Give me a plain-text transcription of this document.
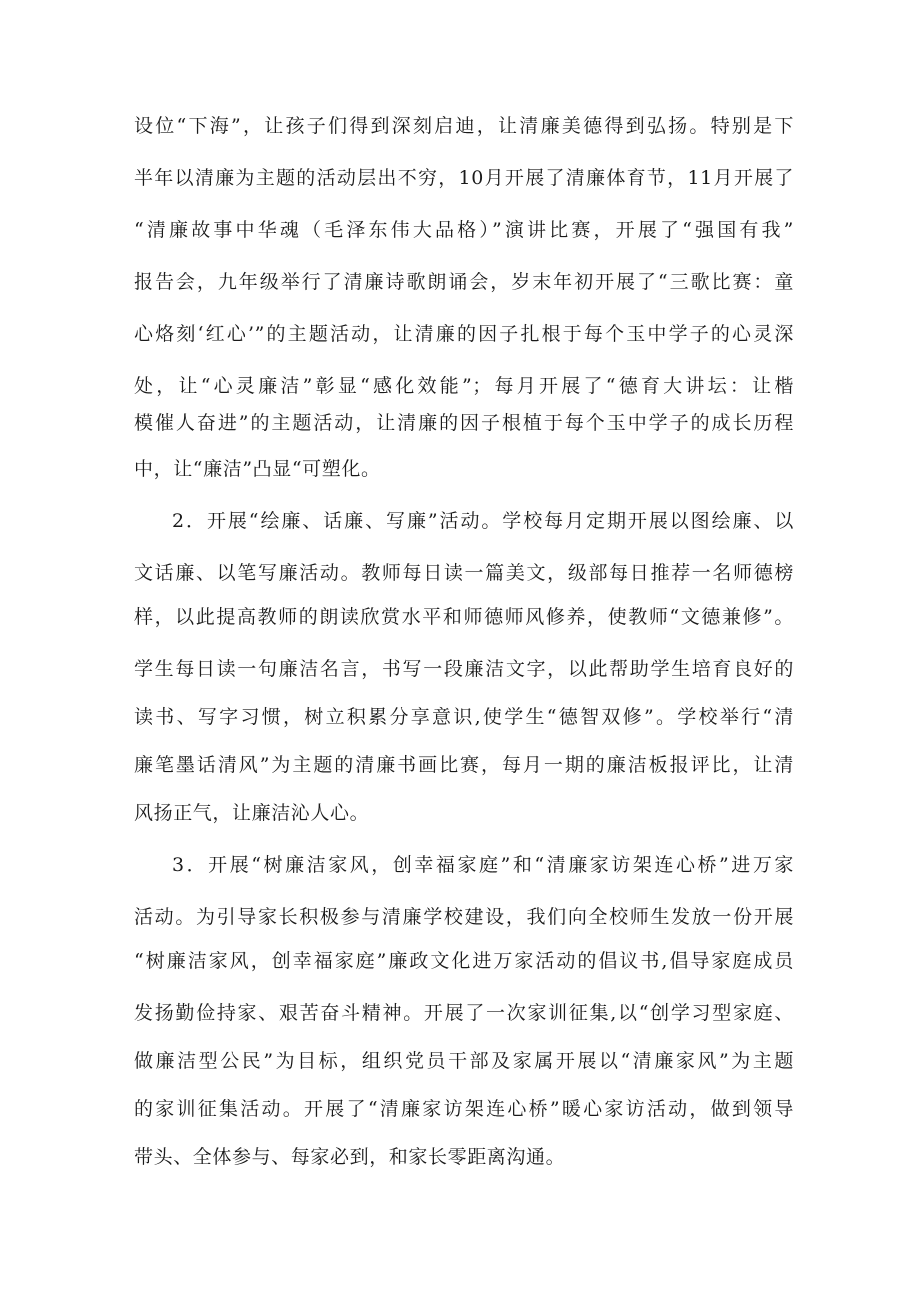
设位“下海”，让孩子们得到深刻启迪，让清廉美德得到弘扬。特别是下
半年以清廉为主题的活动层出不穷，10月开展了清廉体育节，11月开展了
“清廉故事中华魂（毛泽东伟大品格）”演讲比赛，开展了“强国有我”
报告会，九年级举行了清廉诗歌朗诵会，岁末年初开展了“三歌比赛：童
心烙刻‘红心’”的主题活动，让清廉的因子扎根于每个玉中学子的心灵深
处，让“心灵廉洁”彰显“感化效能”；每月开展了“德育大讲坛：让楷
模催人奋进”的主题活动，让清廉的因子根植于每个玉中学子的成长历程
中，让“廉洁”凸显“可塑化。
2．开展“绘廉、话廉、写廉”活动。学校每月定期开展以图绘廉、以
文话廉、以笔写廉活动。教师每日读一篇美文，级部每日推荐一名师德榜
样，以此提高教师的朗读欣赏水平和师德师风修养，使教师“文德兼修”。
学生每日读一句廉洁名言，书写一段廉洁文字，以此帮助学生培育良好的
读书、写字习惯，树立积累分享意识,使学生“德智双修”。学校举行“清
廉笔墨话清风”为主题的清廉书画比赛，每月一期的廉洁板报评比，让清
风扬正气，让廉洁沁人心。
3．开展“树廉洁家风，创幸福家庭”和“清廉家访架连心桥”进万家
活动。为引导家长积极参与清廉学校建设，我们向全校师生发放一份开展
“树廉洁家风，创幸福家庭”廉政文化进万家活动的倡议书,倡导家庭成员
发扬勤俭持家、艰苦奋斗精神。开展了一次家训征集,以“创学习型家庭、
做廉洁型公民”为目标，组织党员干部及家属开展以“清廉家风”为主题
的家训征集活动。开展了“清廉家访架连心桥”暖心家访活动，做到领导
带头、全体参与、每家必到，和家长零距离沟通。
